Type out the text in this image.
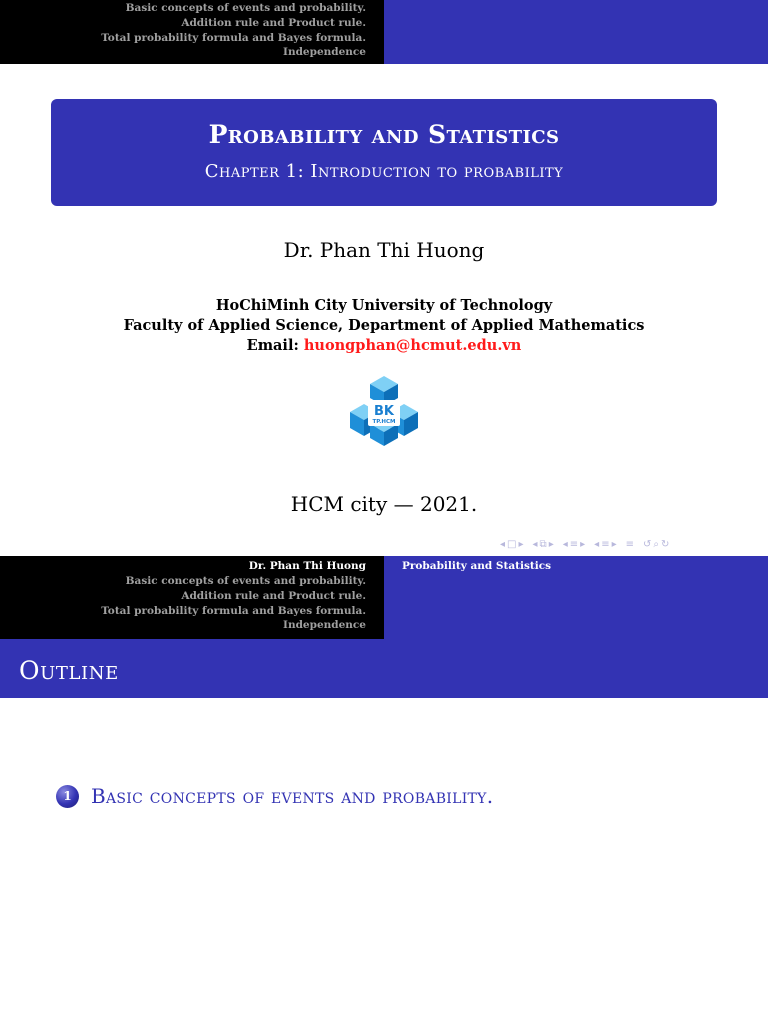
Basic concepts of events and probability.
Addition rule and Product rule.
Total probability formula and Bayes formula.
Independence
Probability and Statistics
Chapter 1: Introduction to probability
Dr. Phan Thi Huong
HoChiMinh City University of Technology
Faculty of Applied Science, Department of Applied Mathematics
Email: huongphan@hcmut.edu.vn
BK
TP.HCM
HCM city — 2021.
◂ □ ▸ ◂ ⧉ ▸ ◂ ≡ ▸ ◂ ≡ ▸ ≡ ↺ ⌕ ↻
Dr. Phan Thi Huong
Basic concepts of events and probability.
Addition rule and Product rule.
Total probability formula and Bayes formula.
Independence
Probability and Statistics
Outline
1 Basic concepts of events and probability.
